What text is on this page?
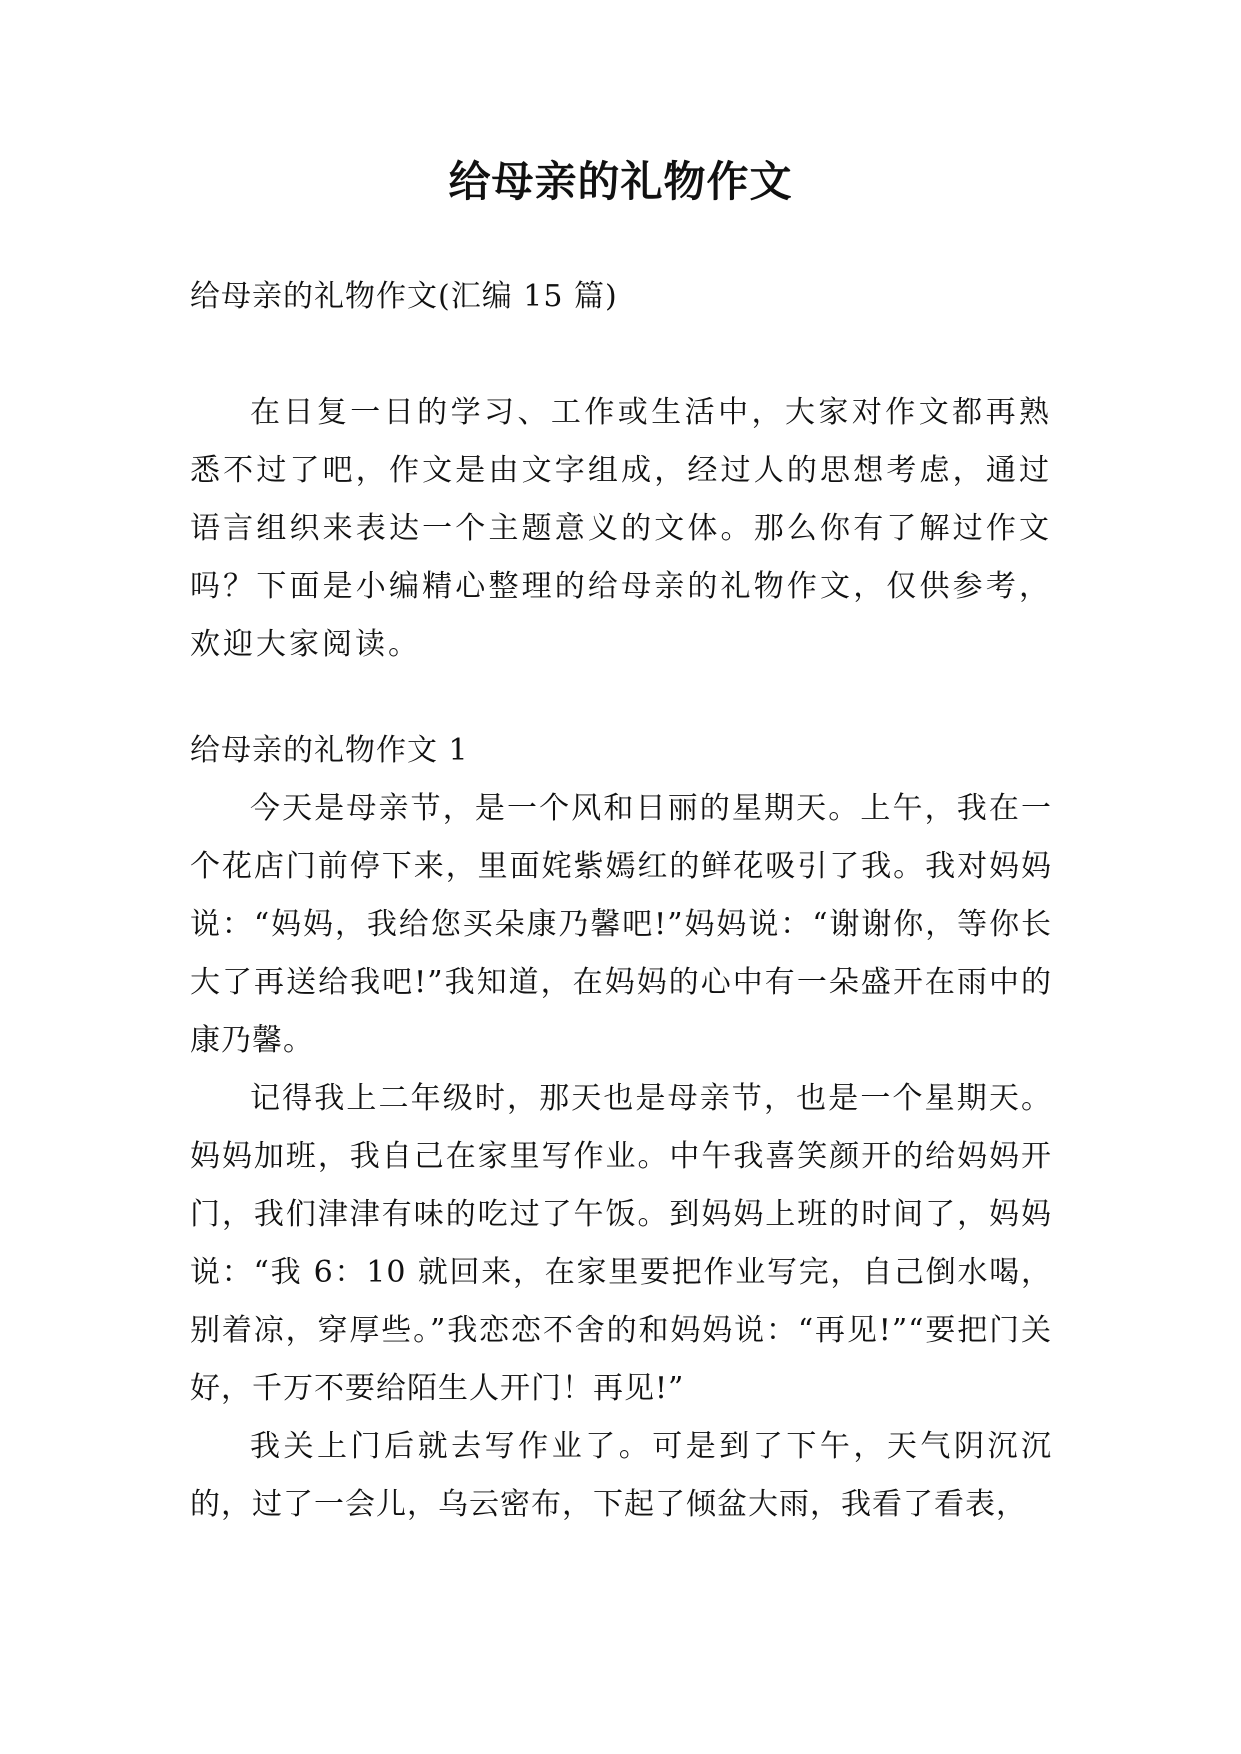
给母亲的礼物作文

给母亲的礼物作文(汇编 15 篇)

在日复一日的学习、工作或生活中，大家对作文都再熟悉不过了吧，作文是由文字组成，经过人的思想考虑，通过语言组织来表达一个主题意义的文体。那么你有了解过作文吗？下面是小编精心整理的给母亲的礼物作文，仅供参考，欢迎大家阅读。

给母亲的礼物作文 1

今天是母亲节，是一个风和日丽的星期天。上午，我在一个花店门前停下来，里面姹紫嫣红的鲜花吸引了我。我对妈妈说：“妈妈，我给您买朵康乃馨吧!”妈妈说：“谢谢你，等你长大了再送给我吧!”我知道，在妈妈的心中有一朵盛开在雨中的康乃馨。

记得我上二年级时，那天也是母亲节，也是一个星期天。妈妈加班，我自己在家里写作业。中午我喜笑颜开的给妈妈开门，我们津津有味的吃过了午饭。到妈妈上班的时间了，妈妈说：“我 6：10 就回来，在家里要把作业写完，自己倒水喝，别着凉，穿厚些。”我恋恋不舍的和妈妈说：“再见!”“要把门关好，千万不要给陌生人开门！再见!”

我关上门后就去写作业了。可是到了下午，天气阴沉沉的，过了一会儿，乌云密布，下起了倾盆大雨，我看了看表，
